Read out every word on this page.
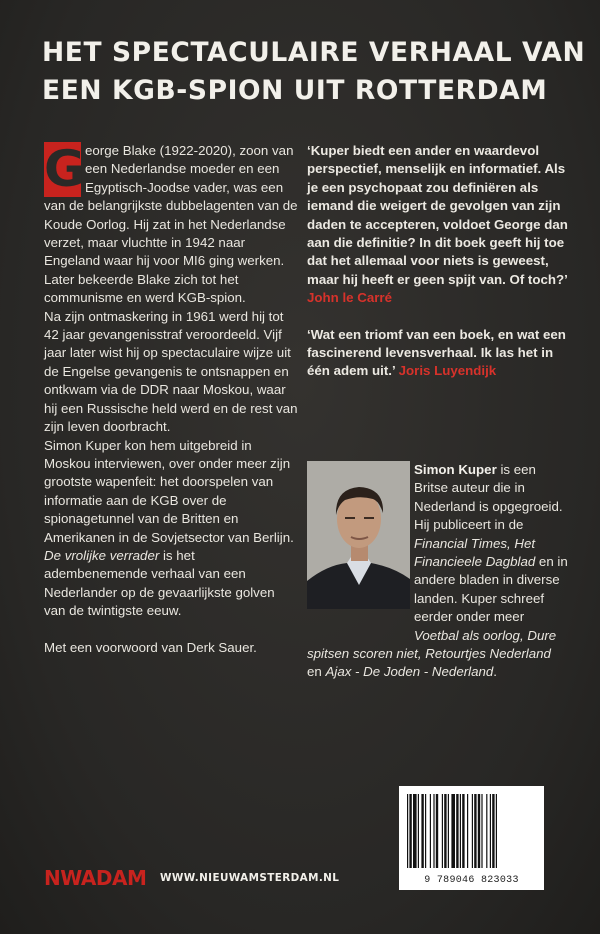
HET SPECTACULAIRE VERHAAL VAN
EEN KGB-SPION UIT ROTTERDAM
G eorge Blake (1922-2020), zoon van een Nederlandse moeder en een Egyptisch-Joodse vader, was een van de belangrijkste dubbelagenten van de Koude Oorlog. Hij zat in het Nederlandse verzet, maar vluchtte in 1942 naar Engeland waar hij voor MI6 ging werken. Later bekeerde Blake zich tot het communisme en werd KGB-spion.

Na zijn ontmaskering in 1961 werd hij tot 42 jaar gevangenisstraf veroordeeld. Vijf jaar later wist hij op spectaculaire wijze uit de Engelse gevangenis te ontsnappen en ontkwam via de DDR naar Moskou, waar hij een Russische held werd en de rest van zijn leven doorbracht.

Simon Kuper kon hem uitgebreid in Moskou interviewen, over onder meer zijn grootste wapenfeit: het doorspelen van informatie aan de KGB over de spionagetunnel van de Britten en Amerikanen in de Sovjetsector van Berlijn.

De vrolijke verrader is het adembenemende verhaal van een Nederlander op de gevaarlijkste golven van de twintigste eeuw.

Met een voorwoord van Derk Sauer.

‘Kuper biedt een ander en waardevol perspectief, menselijk en informatief. Als je een psychopaat zou definiëren als iemand die weigert de gevolgen van zijn daden te accepteren, voldoet George dan aan die definitie? In dit boek geeft hij toe dat het allemaal voor niets is geweest, maar hij heeft er geen spijt van. Of toch?’ John le Carré

‘Wat een triomf van een boek, en wat een fascinerend levensverhaal. Ik las het in één adem uit.’ Joris Luyendijk

Simon Kuper is een Britse auteur die in Nederland is opgegroeid. Hij publiceert in de Financial Times, Het Financieele Dagblad en in andere bladen in diverse landen. Kuper schreef eerder onder meer Voetbal als oorlog, Dure spitsen scoren niet, Retourtjes Nederland en Ajax - De Joden - Nederland.
9 789046 823033
NWADAM WWW.NIEUWAMSTERDAM.NL
